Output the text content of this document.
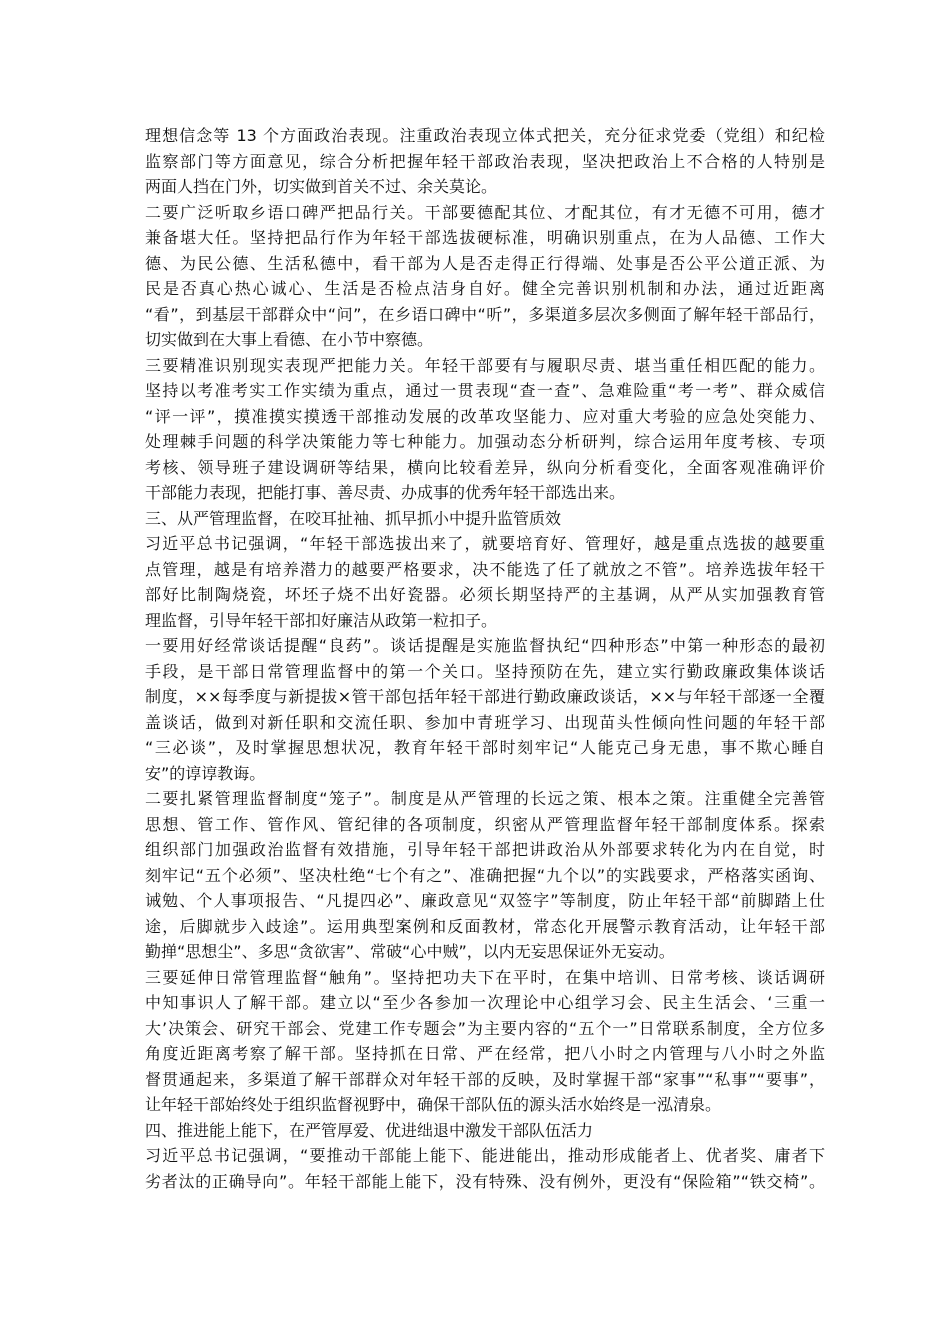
理想信念等 13 个方面政治表现。注重政治表现立体式把关，充分征求党委（党组）和纪检
监察部门等方面意见，综合分析把握年轻干部政治表现，坚决把政治上不合格的人特别是
两面人挡在门外，切实做到首关不过、余关莫论。
二要广泛听取乡语口碑严把品行关。干部要德配其位、才配其位，有才无德不可用，德才
兼备堪大任。坚持把品行作为年轻干部选拔硬标准，明确识别重点，在为人品德、工作大
德、为民公德、生活私德中，看干部为人是否走得正行得端、处事是否公平公道正派、为
民是否真心热心诚心、生活是否检点洁身自好。健全完善识别机制和办法，通过近距离
“看”，到基层干部群众中“问”，在乡语口碑中“听”，多渠道多层次多侧面了解年轻干部品行，
切实做到在大事上看德、在小节中察德。
三要精准识别现实表现严把能力关。年轻干部要有与履职尽责、堪当重任相匹配的能力。
坚持以考准考实工作实绩为重点，通过一贯表现“查一查”、急难险重“考一考”、群众威信
“评一评”，摸准摸实摸透干部推动发展的改革攻坚能力、应对重大考验的应急处突能力、
处理棘手问题的科学决策能力等七种能力。加强动态分析研判，综合运用年度考核、专项
考核、领导班子建设调研等结果，横向比较看差异，纵向分析看变化，全面客观准确评价
干部能力表现，把能打事、善尽责、办成事的优秀年轻干部选出来。
三、从严管理监督，在咬耳扯袖、抓早抓小中提升监管质效
习近平总书记强调，“年轻干部选拔出来了，就要培育好、管理好，越是重点选拔的越要重
点管理，越是有培养潜力的越要严格要求，决不能选了任了就放之不管”。培养选拔年轻干
部好比制陶烧瓷，坏坯子烧不出好瓷器。必须长期坚持严的主基调，从严从实加强教育管
理监督，引导年轻干部扣好廉洁从政第一粒扣子。
一要用好经常谈话提醒“良药”。谈话提醒是实施监督执纪“四种形态”中第一种形态的最初
手段，是干部日常管理监督中的第一个关口。坚持预防在先，建立实行勤政廉政集体谈话
制度，××每季度与新提拔×管干部包括年轻干部进行勤政廉政谈话，××与年轻干部逐一全覆
盖谈话，做到对新任职和交流任职、参加中青班学习、出现苗头性倾向性问题的年轻干部
“三必谈”，及时掌握思想状况，教育年轻干部时刻牢记“人能克己身无患，事不欺心睡自
安”的谆谆教诲。
二要扎紧管理监督制度“笼子”。制度是从严管理的长远之策、根本之策。注重健全完善管
思想、管工作、管作风、管纪律的各项制度，织密从严管理监督年轻干部制度体系。探索
组织部门加强政治监督有效措施，引导年轻干部把讲政治从外部要求转化为内在自觉，时
刻牢记“五个必须”、坚决杜绝“七个有之”、准确把握“九个以”的实践要求，严格落实函询、
诫勉、个人事项报告、“凡提四必”、廉政意见“双签字”等制度，防止年轻干部“前脚踏上仕
途，后脚就步入歧途”。运用典型案例和反面教材，常态化开展警示教育活动，让年轻干部
勤掸“思想尘”、多思“贪欲害”、常破“心中贼”，以内无妄思保证外无妄动。
三要延伸日常管理监督“触角”。坚持把功夫下在平时，在集中培训、日常考核、谈话调研
中知事识人了解干部。建立以“至少各参加一次理论中心组学习会、民主生活会、‘三重一
大’决策会、研究干部会、党建工作专题会”为主要内容的“五个一”日常联系制度，全方位多
角度近距离考察了解干部。坚持抓在日常、严在经常，把八小时之内管理与八小时之外监
督贯通起来，多渠道了解干部群众对年轻干部的反映，及时掌握干部“家事”“私事”“要事”，
让年轻干部始终处于组织监督视野中，确保干部队伍的源头活水始终是一泓清泉。
四、推进能上能下，在严管厚爱、优进绌退中激发干部队伍活力
习近平总书记强调，“要推动干部能上能下、能进能出，推动形成能者上、优者奖、庸者下
劣者汰的正确导向”。年轻干部能上能下，没有特殊、没有例外，更没有“保险箱”“铁交椅”。
